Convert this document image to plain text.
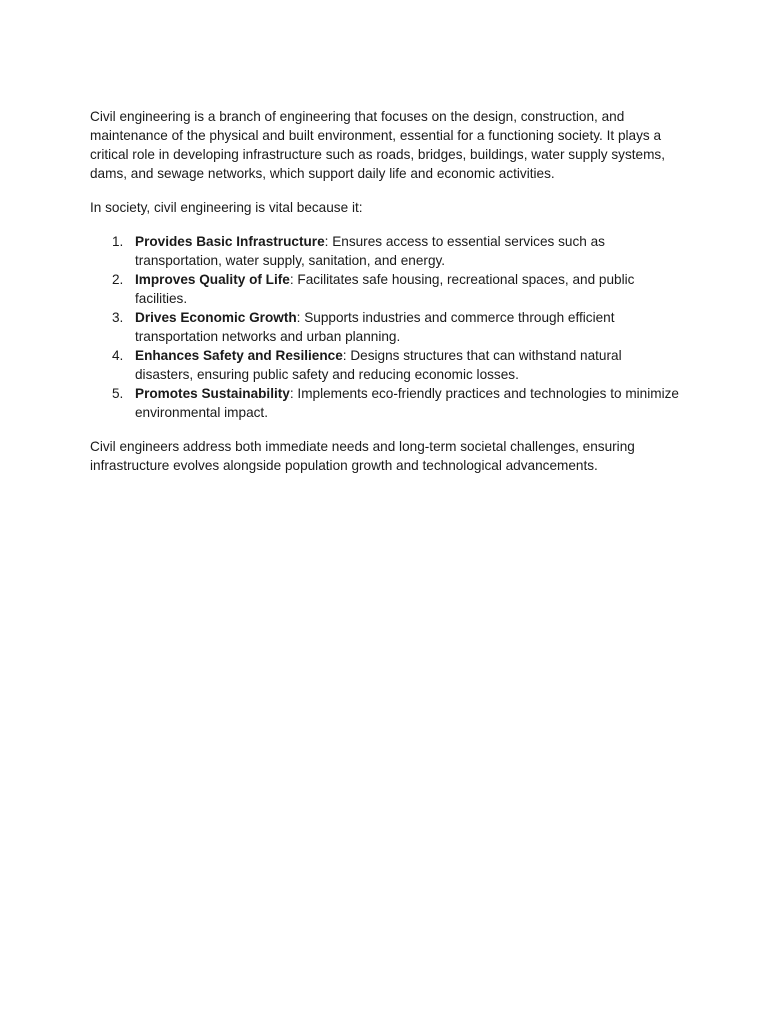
Civil engineering is a branch of engineering that focuses on the design, construction, and maintenance of the physical and built environment, essential for a functioning society. It plays a critical role in developing infrastructure such as roads, bridges, buildings, water supply systems, dams, and sewage networks, which support daily life and economic activities.

In society, civil engineering is vital because it:

1. Provides Basic Infrastructure: Ensures access to essential services such as transportation, water supply, sanitation, and energy.
2. Improves Quality of Life: Facilitates safe housing, recreational spaces, and public facilities.
3. Drives Economic Growth: Supports industries and commerce through efficient transportation networks and urban planning.
4. Enhances Safety and Resilience: Designs structures that can withstand natural disasters, ensuring public safety and reducing economic losses.
5. Promotes Sustainability: Implements eco-friendly practices and technologies to minimize environmental impact.

Civil engineers address both immediate needs and long-term societal challenges, ensuring infrastructure evolves alongside population growth and technological advancements.
